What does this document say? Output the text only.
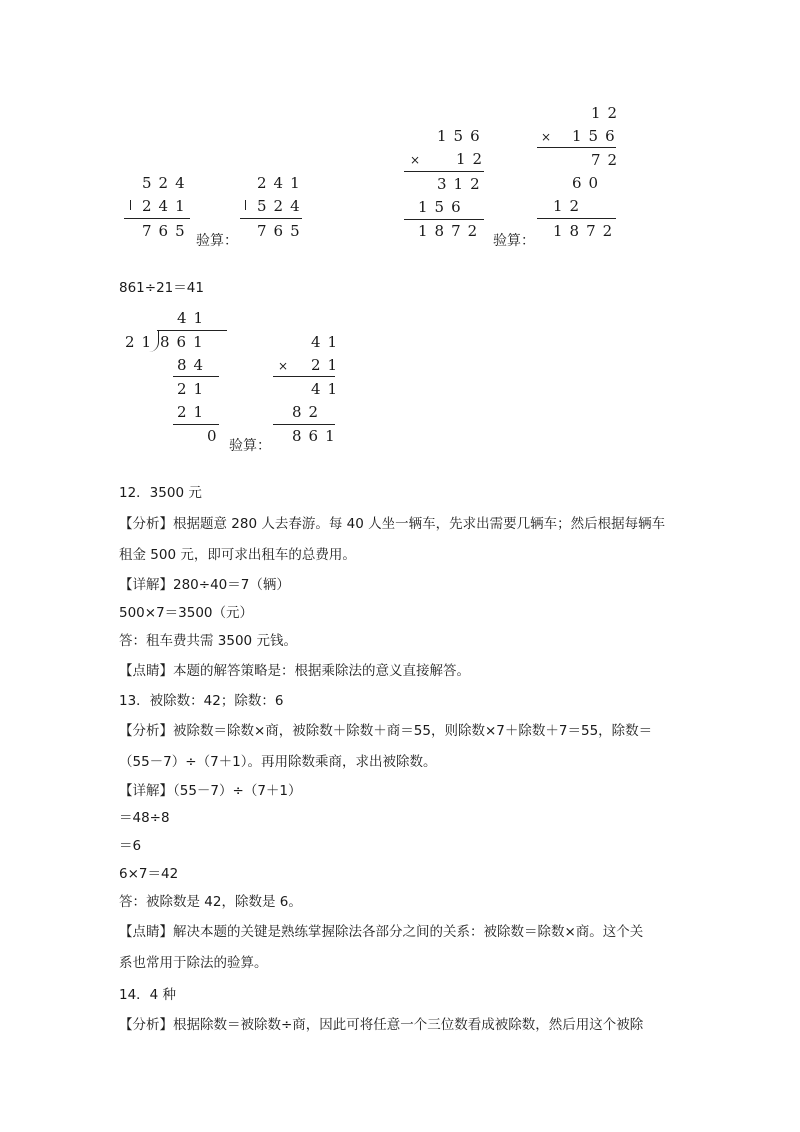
524
241
765
验算：
241
524
765
156
× 12
312
156
1872
验算：
12
× 156
72
60
12
1872
861÷21＝41
41
21 861
84
21
21
0
验算：
41
× 21
41
82
861
12．3500 元
【分析】根据题意 280 人去春游。每 40 人坐一辆车，先求出需要几辆车；然后根据每辆车
租金 500 元，即可求出租车的总费用。
【详解】280÷40＝7（辆）
500×7＝3500（元）
答：租车费共需 3500 元钱。
【点睛】本题的解答策略是：根据乘除法的意义直接解答。
13．被除数：42；除数：6
【分析】被除数＝除数×商，被除数＋除数＋商＝55，则除数×7＋除数＋7＝55，除数＝
（55－7）÷（7＋1）。再用除数乘商，求出被除数。
【详解】（55－7）÷（7＋1）
＝48÷8
＝6
6×7＝42
答：被除数是 42，除数是 6。
【点睛】解决本题的关键是熟练掌握除法各部分之间的关系：被除数＝除数×商。这个关
系也常用于除法的验算。
14．4 种
【分析】根据除数＝被除数÷商，因此可将任意一个三位数看成被除数，然后用这个被除
